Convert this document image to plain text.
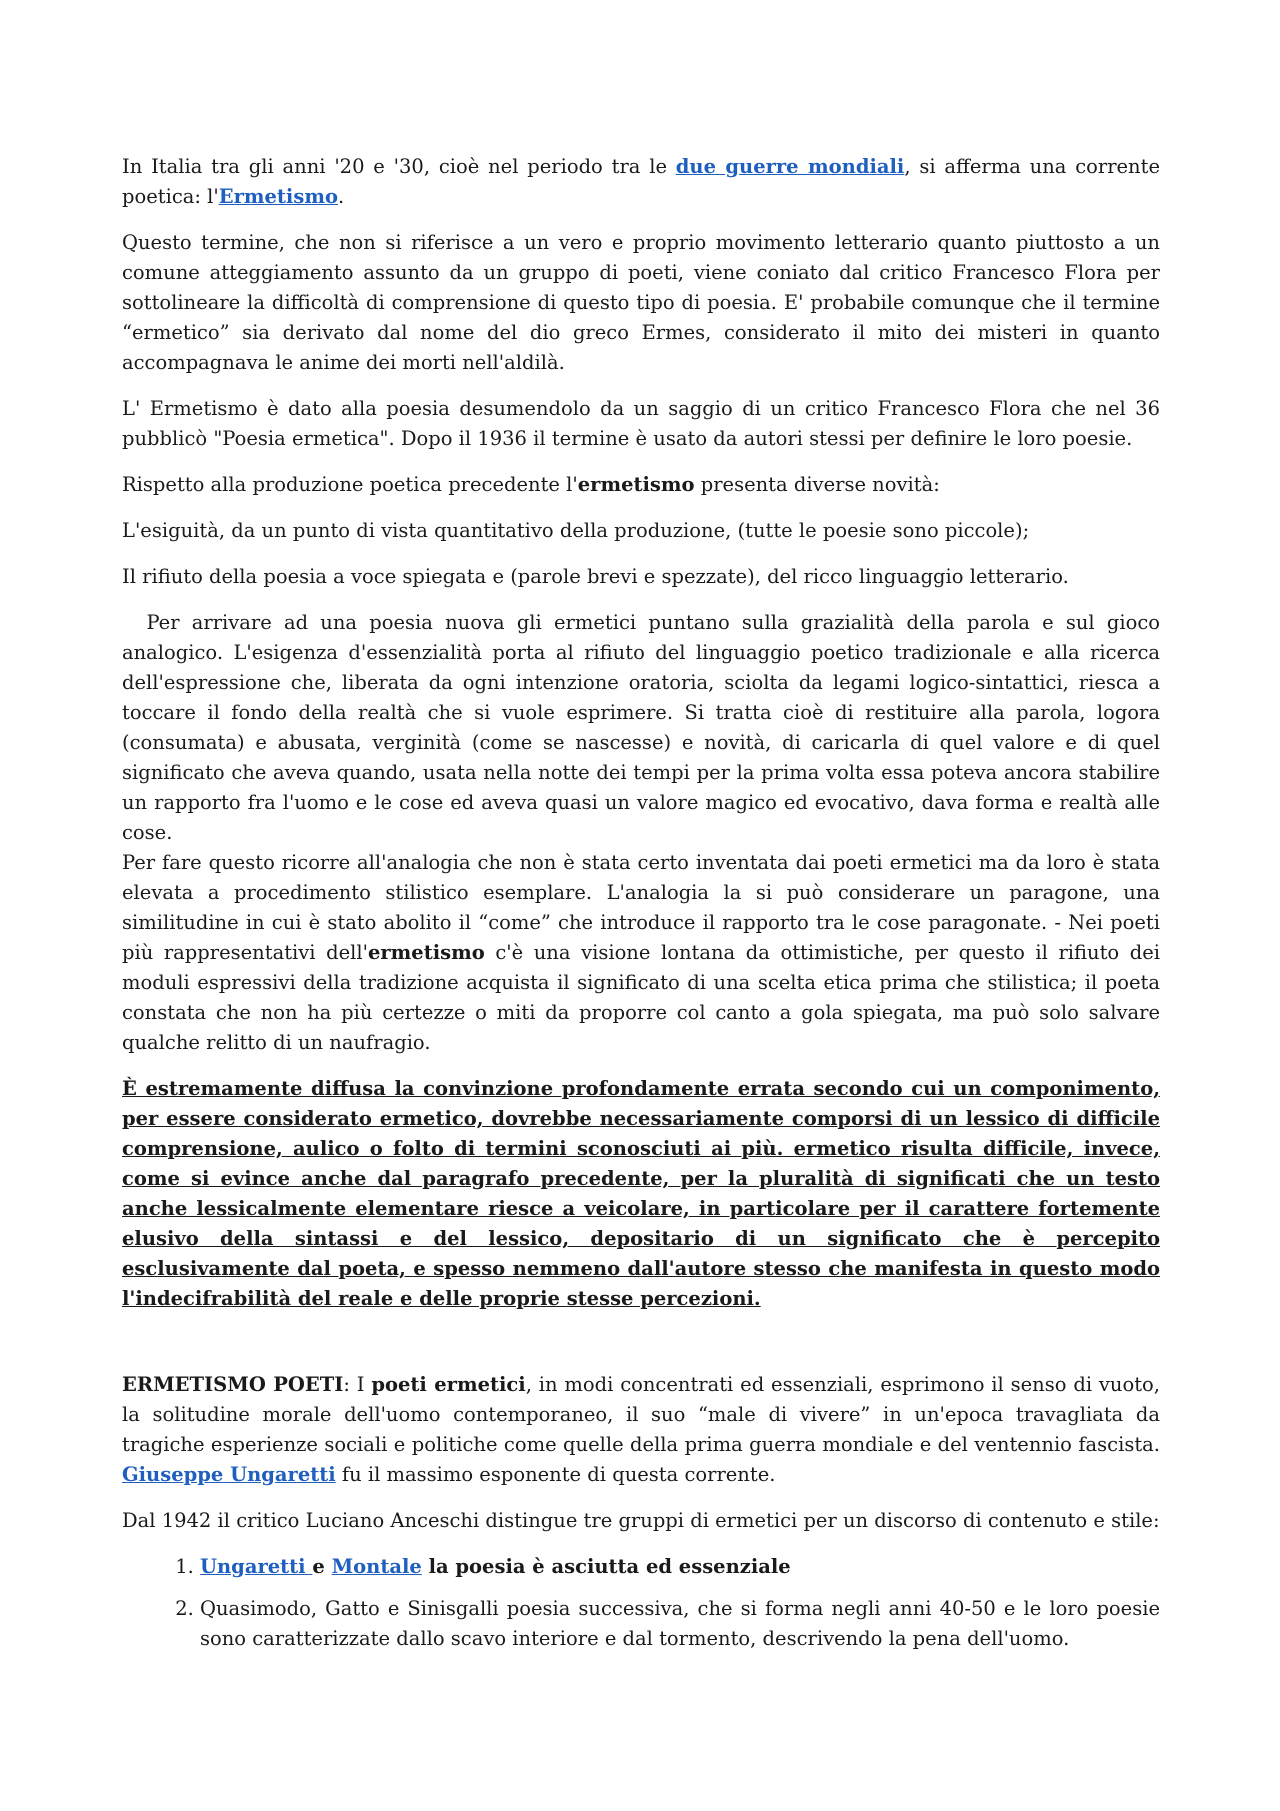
In Italia tra gli anni '20 e '30, cioè nel periodo tra le due guerre mondiali, si afferma una corrente poetica: l'Ermetismo.

Questo termine, che non si riferisce a un vero e proprio movimento letterario quanto piuttosto a un comune atteggiamento assunto da un gruppo di poeti, viene coniato dal critico Francesco Flora per sottolineare la difficoltà di comprensione di questo tipo di poesia. E' probabile comunque che il termine “ermetico” sia derivato dal nome del dio greco Ermes, considerato il mito dei misteri in quanto accompagnava le anime dei morti nell'aldilà.

L' Ermetismo è dato alla poesia desumendolo da un saggio di un critico Francesco Flora che nel 36 pubblicò "Poesia ermetica". Dopo il 1936 il termine è usato da autori stessi per definire le loro poesie.

Rispetto alla produzione poetica precedente l'ermetismo presenta diverse novità:

L'esiguità, da un punto di vista quantitativo della produzione, (tutte le poesie sono piccole);

Il rifiuto della poesia a voce spiegata e (parole brevi e spezzate), del ricco linguaggio letterario.

Per arrivare ad una poesia nuova gli ermetici puntano sulla grazialità della parola e sul gioco analogico. L'esigenza d'essenzialità porta al rifiuto del linguaggio poetico tradizionale e alla ricerca dell'espressione che, liberata da ogni intenzione oratoria, sciolta da legami logico-sintattici, riesca a toccare il fondo della realtà che si vuole esprimere. Si tratta cioè di restituire alla parola, logora (consumata) e abusata, verginità (come se nascesse) e novità, di caricarla di quel valore e di quel significato che aveva quando, usata nella notte dei tempi per la prima volta essa poteva ancora stabilire un rapporto fra l'uomo e le cose ed aveva quasi un valore magico ed evocativo, dava forma e realtà alle cose.
Per fare questo ricorre all'analogia che non è stata certo inventata dai poeti ermetici ma da loro è stata elevata a procedimento stilistico esemplare. L'analogia la si può considerare un paragone, una similitudine in cui è stato abolito il “come” che introduce il rapporto tra le cose paragonate. - Nei poeti più rappresentativi dell'ermetismo c'è una visione lontana da ottimistiche, per questo il rifiuto dei moduli espressivi della tradizione acquista il significato di una scelta etica prima che stilistica; il poeta constata che non ha più certezze o miti da proporre col canto a gola spiegata, ma può solo salvare qualche relitto di un naufragio.

È estremamente diffusa la convinzione profondamente errata secondo cui un componimento, per essere considerato ermetico, dovrebbe necessariamente comporsi di un lessico di difficile comprensione, aulico o folto di termini sconosciuti ai più. ermetico risulta difficile, invece, come si evince anche dal paragrafo precedente, per la pluralità di significati che un testo anche lessicalmente elementare riesce a veicolare, in particolare per il carattere fortemente elusivo della sintassi e del lessico, depositario di un significato che è percepito esclusivamente dal poeta, e spesso nemmeno dall'autore stesso che manifesta in questo modo l'indecifrabilità del reale e delle proprie stesse percezioni.

ERMETISMO POETI: I poeti ermetici, in modi concentrati ed essenziali, esprimono il senso di vuoto, la solitudine morale dell'uomo contemporaneo, il suo “male di vivere” in un'epoca travagliata da tragiche esperienze sociali e politiche come quelle della prima guerra mondiale e del ventennio fascista. Giuseppe Ungaretti fu il massimo esponente di questa corrente.

Dal 1942 il critico Luciano Anceschi distingue tre gruppi di ermetici per un discorso di contenuto e stile:

1. Ungaretti e Montale la poesia è asciutta ed essenziale
2. Quasimodo, Gatto e Sinisgalli poesia successiva, che si forma negli anni 40-50 e le loro poesie sono caratterizzate dallo scavo interiore e dal tormento, descrivendo la pena dell'uomo.
